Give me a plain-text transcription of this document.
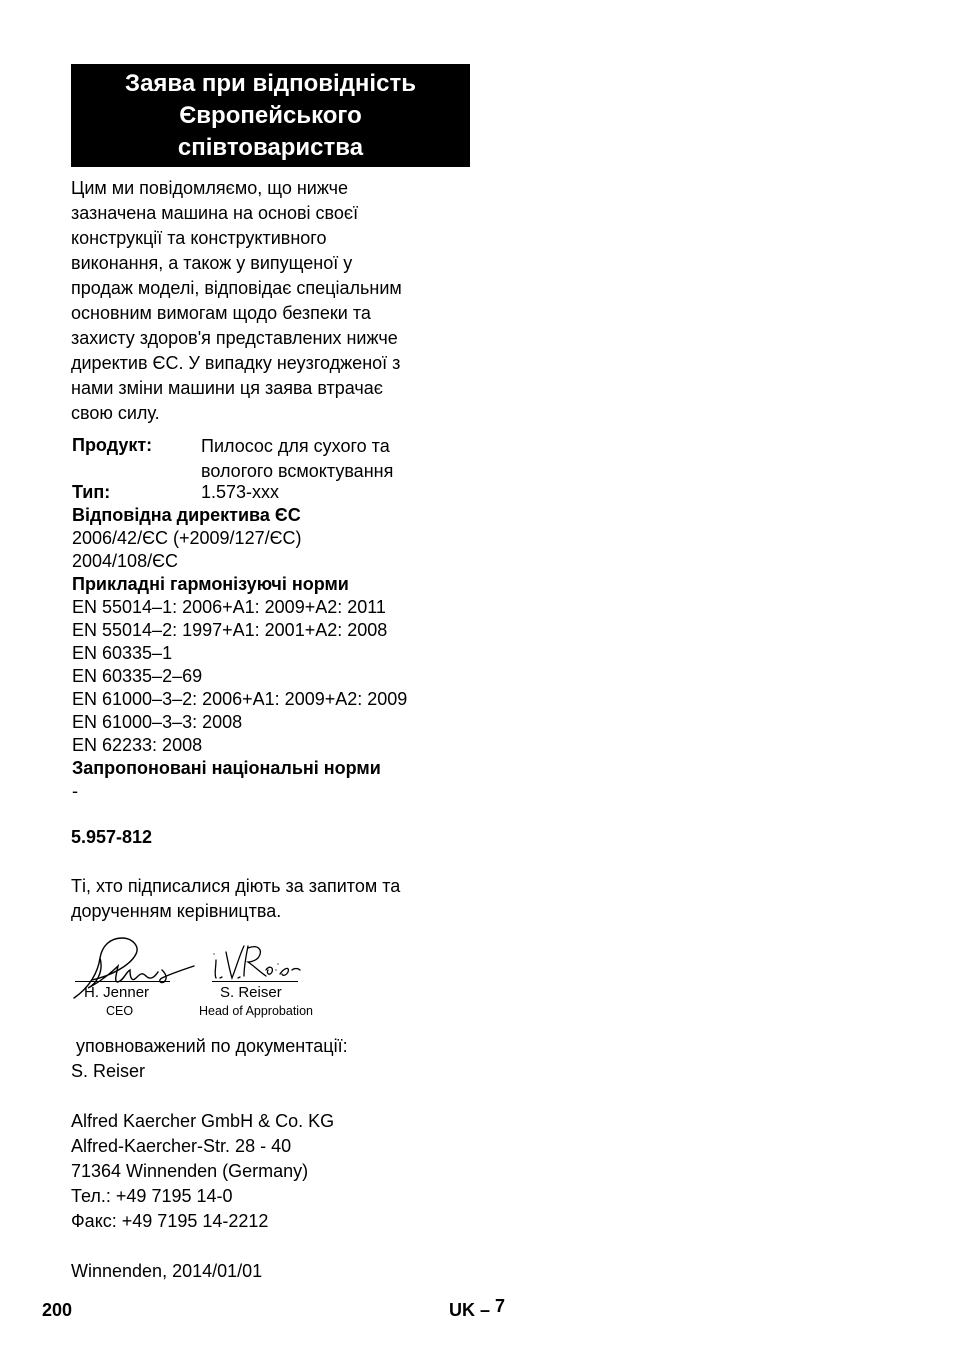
Заява при відповідність
Європейського
співтовариства
Цим ми повідомляємо, що нижче
зазначена машина на основі своєї
конструкції та конструктивного
виконання, а також у випущеної у
продаж моделі, відповідає спеціальним
основним вимогам щодо безпеки та
захисту здоров'я представлених нижче
директив ЄС. У випадку неузгодженої з
нами зміни машини ця заява втрачає
свою силу.
Продукт:	Пилосос для сухого та
вологого всмоктування
Тип:	1.573-xxx
Відповідна директива ЄС
2006/42/ЄС (+2009/127/ЄС)
2004/108/ЄС
Прикладні гармонізуючі норми
EN 55014–1: 2006+A1: 2009+A2: 2011
EN 55014–2: 1997+A1: 2001+A2: 2008
EN 60335–1
EN 60335–2–69
EN 61000–3–2: 2006+A1: 2009+A2: 2009
EN 61000–3–3: 2008
EN 62233: 2008
Запропоновані національні норми
-
5.957-812
Ті, хто підписалися діють за запитом та
дорученням керівництва.
H. Jenner
CEO
S. Reiser
Head of Approbation
уповноважений по документації:
S. Reiser
Alfred Kaercher GmbH & Co. KG
Alfred-Kaercher-Str. 28 - 40
71364 Winnenden (Germany)
Тел.: +49 7195 14-0
Факс: +49 7195 14-2212
Winnenden, 2014/01/01
200	UK – 7
